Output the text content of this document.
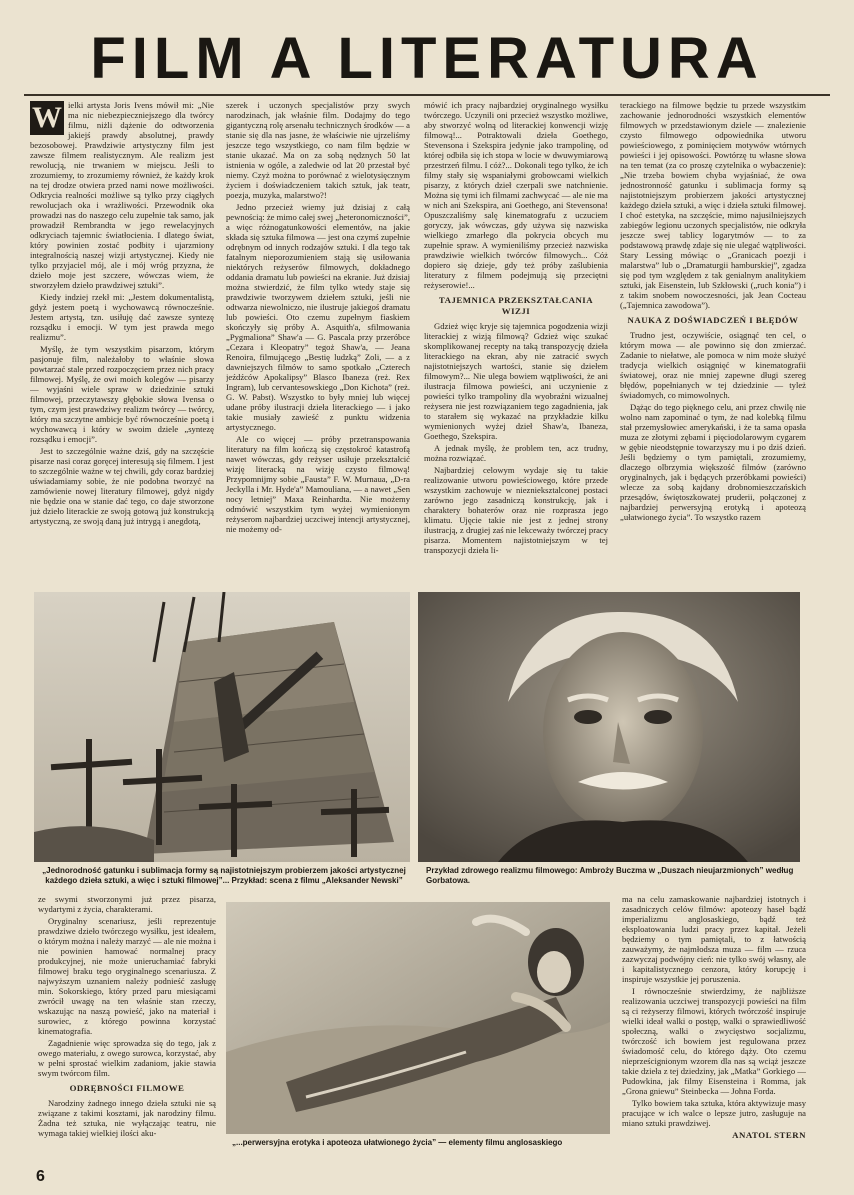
FILM A LITERATURA
W ielki artysta Joris Ivens mówił mi: „Nie ma nic niebezpieczniejszego dla twórcy filmu, niżli dążenie do odtworzenia jakiejś prawdy absolutnej, prawdy bezosobowej. Prawdziwie artystyczny film jest zawsze filmem realistycznym. Ale realizm jest rewolucją, nie trwaniem w miejscu. Jeśli to zrozumiemy, to zrozumiemy również, że każdy krok na tej drodze otwiera przed nami nowe możliwości. Odkrycia realności możliwe są tylko przy ciągłych rewolucjach oka i wrażliwości. Przewodnik oka prowadzi nas do naszego celu zupełnie tak samo, jak prowadził Rembrandta w jego rewelacyjnych odkryciach tajemnic światłocienia. I dlatego świat, który powinien zostać podbity i ujarzmiony integralnością naszej wizji artystycznej. Kiedy nie tylko przyjaciel mój, ale i mój wróg przyzna, że dzieło moje jest szczere, wówczas wiem, że stworzyłem dzieło prawdziwej sztuki”.

Kiedy indziej rzekł mi: „Jestem dokumentalistą, gdyż jestem poetą i wychowawcą równocześnie. Jestem artystą, tzn. usiłuję dać zawsze syntezę rozsądku i emocji. W tym jest prawda mego realizmu”.

Myślę, że tym wszystkim pisarzom, którym pasjonuje film, należałoby to właśnie słowa powtarzać stale przed rozpoczęciem przez nich pracy filmowej. Myślę, że owi moich kolegów — pisarzy — wyjaśni wiele spraw w dziedzinie sztuki filmowej, przeczytawszy głębokie słowa Ivensa o tym, czym jest prawdziwy realizm twórcy — twórcy, który ma szczytne ambicje być równocześnie poetą i wychowawcą i który w swoim dziele „syntezę rozsądku i emocji”.

Jest to szczególnie ważne dziś, gdy na szczęście pisarze nasi coraz goręcej interesują się filmem. I jest to szczególnie ważne w tej chwili, gdy coraz bardziej uświadamiamy sobie, że nie podobna tworzyć na zamówienie nowej literatury filmowej, gdyż nigdy nie będzie ona w stanie dać tego, co daje stworzone już dzieło literackie ze swoją gotową już konstrukcją artystyczną, ze swoją daną już intrygą i anegdotą,

szerek i uczonych specjalistów przy swych narodzinach, jak właśnie film. Dodajmy do tego gigantyczną rolę arsenału technicznych środków — a stanie się dla nas jasne, że właściwie nie ujrzeliśmy jeszcze tego wszystkiego, co nam film będzie w stanie ukazać. Ma on za sobą nędznych 50 lat istnienia w ogóle, a zaledwie od lat 20 przestał być niemy. Czyż można to porównać z wielotysięcznym życiem i doświadczeniem takich sztuk, jak teatr, poezja, muzyka, malarstwo?!

Jedno przecież wiemy już dzisiaj z całą pewnością: że mimo całej swej „heteronomiczności”, a więc różnogatunkowości elementów, na jakie składa się sztuka filmowa — jest ona czymś zupełnie odrębnym od innych rodzajów sztuki. I dla tego tak fatalnym nieporozumieniem stają się usiłowania niektórych reżyserów filmowych, dokładnego oddania dramatu lub powieści na ekranie. Już dzisiaj można stwierdzić, że film tylko wtedy staje się prawdziwie tworzywem dziełem sztuki, jeśli nie odtwarza niewolniczo, nie ilustruje jakiegoś dramatu lub powieści. Oto czemu zupełnym fiaskiem skończyły się próby A. Asquith'a, sfilmowania „Pygmaliona” Shaw'a — G. Pascala przy przeróbce „Cezara i Kleopatry” tegoż Shaw'a, — Jeana Renoira, filmującego „Bestię ludzką” Zoli, — a z dawniejszych filmów to samo spotkało „Czterech jeźdźców Apokalipsy” Blasco Ibaneza (reż. Rex Ingram), lub cervantesowskiego „Don Kichota” (reż. G. W. Pabst). Wszystko to były mniej lub więcej udane próby ilustracji dzieła literackiego — i jako takie musiały zawieść z punktu widzenia artystycznego.

Ale co więcej — próby przetranspowania literatury na film kończą się częstokroć katastrofą nawet wówczas, gdy reżyser usiłuje przekształcić wizję literacką na wizję czysto filmową! Przypomnijmy sobie „Fausta” F. W. Murnaua, „D-ra Jeckylla i Mr. Hyde'a” Mamouliana, — a nawet „Sen nocy letniej” Maxa Reinhardta. Nie możemy odmówić wszystkim tym wyżej wymienionym reżyserom najbardziej uczciwej intencji artystycznej, nie możemy od-

mówić ich pracy najbardziej oryginalnego wysiłku twórczego. Uczynili oni przecież wszystko możliwe, aby stworzyć wolną od literackiej konwencji wizję filmową!... Potraktowali dzieła Goethego, Stevensona i Szekspira jedynie jako trampolinę, od której odbiła się ich stopa w locie w dwuwymiarową przestrzeń filmu. I cóż?... Dokonali tego tylko, że ich filmy stały się wspaniałymi grobowcami wielkich pisarzy, z których dzieł czerpali swe natchnienie. Można się tymi ich filmami zachwycać — ale nie ma w nich ani Szekspira, ani Goethego, ani Stevensona! Opuszczaliśmy salę kinematografu z uczuciem goryczy, jak wówczas, gdy używa się nazwiska wielkiego zmarłego dla pokrycia obcych mu zupełnie spraw. A wymieniliśmy przecież nazwiska prawdziwie wielkich twórców filmowych... Cóż dopiero się dzieje, gdy też próby zaślubienia literatury z filmem podejmują się przeciętni reżyserowie!...

TAJEMNICA PRZEKSZTAŁCANIA WIZJI

Gdzież więc kryje się tajemnica pogodzenia wizji literackiej z wizją filmową? Gdzież więc szukać skomplikowanej recepty na taką transpozycję dzieła literackiego na ekran, aby nie zatracić swych najistotniejszych wartości, stanie się dziełem filmowym?... Nie ulega bowiem wątpliwości, że ani ilustracja filmowa powieści, ani uczynienie z powieści tylko trampoliny dla wyobraźni wizualnej reżysera nie jest rozwiązaniem tego zagadnienia, jak to starałem się wykazać na przykładzie kilku wymienionych wyżej dzieł Shaw'a, Ibaneza, Goethego, Szekspira.

A jednak myślę, że problem ten, acz trudny, można rozwiązać.

Najbardziej celowym wydaje się tu takie realizowanie utworu powieściowego, które przede wszystkim zachowuje w nieznieksztalconej postaci zarówno jego zasadniczą konstrukcję, jak i charaktery bohaterów oraz nie rozprasza jego klimatu. Ujęcie takie nie jest z jednej strony ilustracją, z drugiej zaś nie lekceważy twórczej pracy pisarza. Momentem najistotniejszym w tej transpozycji dzieła li-

terackiego na filmowe będzie tu przede wszystkim zachowanie jednorodności wszystkich elementów filmowych w przedstawionym dziele — znalezienie czysto filmowego odpowiednika utworu powieściowego, z pominięciem motywów wtórnych powieści i jej opisowości. Powtórzę tu własne słowa na ten temat (za co proszę czytelnika o wybaczenie): „Nie trzeba bowiem chyba wyjaśniać, że owa jednostronność gatunku i sublimacja formy są najistotniejszym probierzem jakości artystycznej każdego dzieła sztuki, a więc i dzieła sztuki filmowej. I choć estetyka, na szczęście, mimo najusilniejszych zabiegów legionu uczonych specjalistów, nie odkryła jeszcze swej tablicy logarytmów — to za podstawową prawdę zdaje się nie ulegać wątpliwości. Stary Lessing mówiąc o „Granicach poezji i malarstwa” lub o „Dramaturgii hamburskiej”, zgadza się pod tym względem z tak genialnym analitykiem sztuki, jak Eisenstein, lub Szkłowski („ruch konia”) i z takim snobem nowoczesności, jak Jean Cocteau („Tajemnica zawodowa”).

NAUKA Z DOŚWIADCZEŃ I BŁĘDÓW

Trudno jest, oczywiście, osiągnąć ten cel, o którym mowa — ale powinno się don zmierzać. Zadanie to niełatwe, ale pomoca w nim może służyć tradycja wielkich osiągnięć w kinematografii światowej, oraz nie mniej zapewne długi szereg błędów, popełnianych w tej dziedzinie — tyleż świadomych, co mimowolnych.

Dążąc do tego pięknego celu, ani przez chwilę nie wolno nam zapominać o tym, że nad kolebką filmu stał przemysłowiec amerykański, i że ta sama opasła muza ze złotymi zębami i pięciodolarowym cygarem w gębie nieodstępnie towarzyszy mu i po dziś dzień. Jeśli będziemy o tym pamiętali, zrozumiemy, dlaczego olbrzymia większość filmów (zarówno oryginalnych, jak i będących przeróbkami powieści) wlecze za sobą kajdany drobnomieszczańskich przesądów, świętoszkowatej pruderii, połączonej z najbardziej perwersyjną erotyką i apoteozą „ułatwionego życia”. To wszystko razem

„Jednorodność gatunku i sublimacja formy są najistotniejszym probierzem jakości artystycznej każdego dzieła sztuki, a więc i sztuki filmowej”... Przykład: scena z filmu „Aleksander Newski”
Przykład zdrowego realizmu filmowego: Ambroży Buczma w „Duszach nieujarzmionych” według Gorbatowa.

ze swymi stworzonymi już przez pisarza, wydartymi z życia, charakterami.

Oryginalny scenariusz, jeśli reprezentuje prawdziwe dzieło twórczego wysiłku, jest ideałem, o którym można i należy marzyć — ale nie można i nie powinien hamować normalnej pracy produkcyjnej, nie może unieruchamiać fabryki filmowej braku tego oryginalnego scenariusza. Z najwyższym uznaniem należy podnieść zasługę min. Sokorskiego, który przed paru miesiącami zwrócił uwagę na ten właśnie stan rzeczy, wskazując na naszą powieść, jako na materiał i surowiec, z którego powinna korzystać kinematografia.

Zagadnienie więc sprowadza się do tego, jak z owego materiału, z owego surowca, korzystać, aby w pełni sprostać wielkim zadaniom, jakie stawia swym twórcom film.

ODRĘBNOŚCI FILMOWE

Narodziny żadnego innego dzieła sztuki nie są związane z takimi kosztami, jak narodziny filmu. Żadna też sztuka, nie wyłączając teatru, nie wymaga takiej wielkiej ilości aku-

„...perwersyjna erotyka i apoteoza ułatwionego życia” — elementy filmu anglosaskiego

ma na celu zamaskowanie najbardziej istotnych i zasadniczych celów filmów: apoteozy haseł bądź imperializmu anglosaskiego, bądź też eksploatowania ludzi pracy przez kapitał. Jeżeli będziemy o tym pamiętali, to z łatwością zauważymy, że najmłodsza muza — film — rzuca zazwyczaj podwójny cień: nie tylko swój własny, ale i kapitalistycznego cenzora, który korupcję i inspiruje wszystkie jej poruszenia.

I równocześnie stwierdzimy, że najbliższe realizowania uczciwej transpozycji powieści na film są ci reżyserzy filmowi, których twórczość inspiruje wielki ideał walki o postęp, walki o sprawiedliwość społeczną, walki o zwycięstwo socjalizmu, twórczość ich bowiem jest regulowana przez świadomość celu, do którego dąży. Oto czemu nieprześcignionym wzorem dla nas są wciąż jeszcze takie dzieła z tej dziedziny, jak „Matka” Gorkiego — Pudowkina, jak filmy Eisensteina i Romma, jak „Grona gniewu” Steinbecka — Johna Forda.

Tylko bowiem taka sztuka, która aktywizuje masy pracujące w ich walce o lepsze jutro, zasługuje na miano sztuki prawdziwej.

ANATOL STERN
6
